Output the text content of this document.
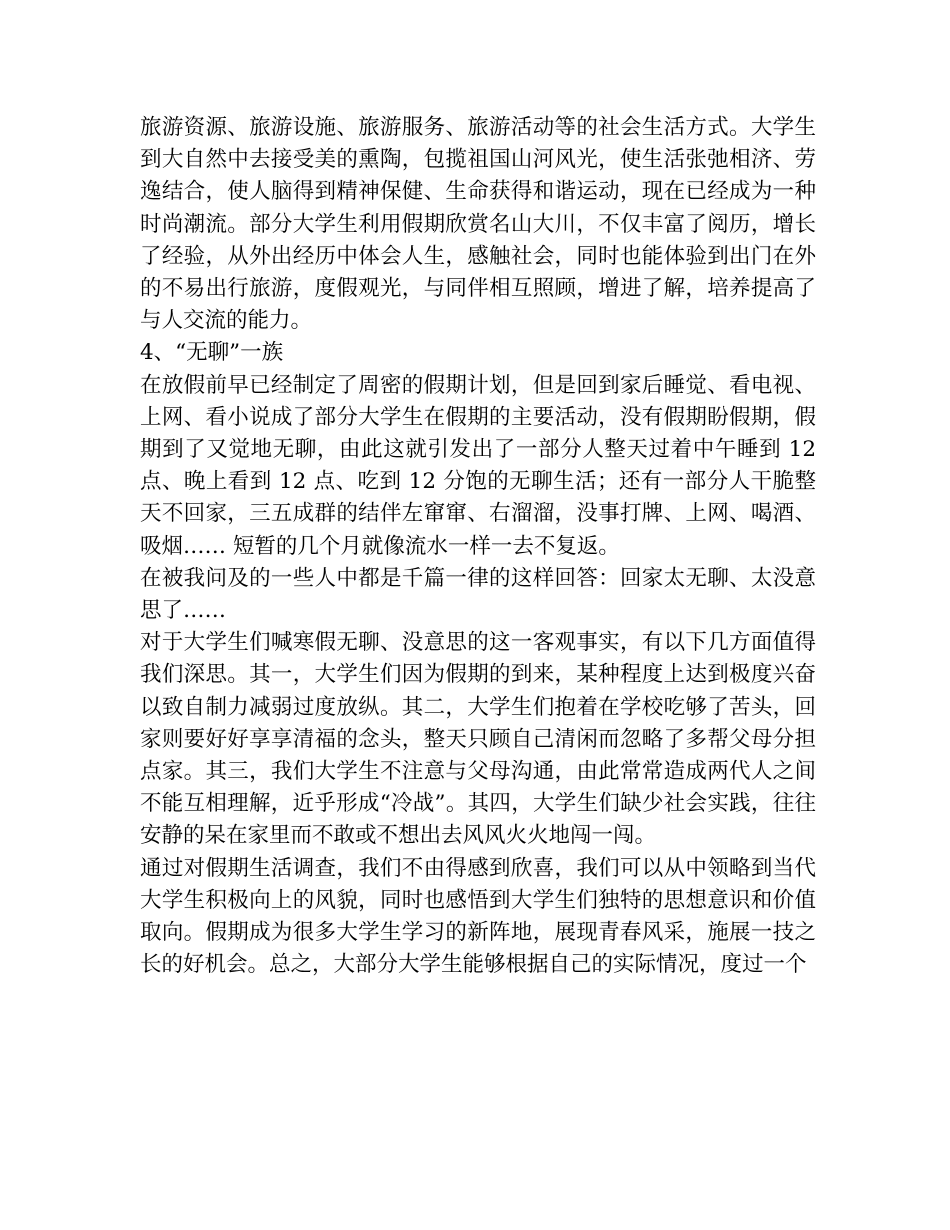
旅游资源、旅游设施、旅游服务、旅游活动等的社会生活方式。大学生到大自然中去接受美的熏陶，包揽祖国山河风光，使生活张弛相济、劳逸结合，使人脑得到精神保健、生命获得和谐运动，现在已经成为一种时尚潮流。部分大学生利用假期欣赏名山大川，不仅丰富了阅历，增长了经验，从外出经历中体会人生，感触社会，同时也能体验到出门在外的不易出行旅游，度假观光，与同伴相互照顾，增进了解，培养提高了与人交流的能力。

4、“无聊”一族

在放假前早已经制定了周密的假期计划，但是回到家后睡觉、看电视、上网、看小说成了部分大学生在假期的主要活动，没有假期盼假期，假期到了又觉地无聊，由此这就引发出了一部分人整天过着中午睡到 12 点、晚上看到 12 点、吃到 12 分饱的无聊生活；还有一部分人干脆整天不回家，三五成群的结伴左窜窜、右溜溜，没事打牌、上网、喝酒、吸烟…… 短暂的几个月就像流水一样一去不复返。

在被我问及的一些人中都是千篇一律的这样回答：回家太无聊、太没意思了……

对于大学生们喊寒假无聊、没意思的这一客观事实，有以下几方面值得我们深思。其一，大学生们因为假期的到来，某种程度上达到极度兴奋以致自制力减弱过度放纵。其二，大学生们抱着在学校吃够了苦头，回家则要好好享享清福的念头，整天只顾自己清闲而忽略了多帮父母分担点家。其三，我们大学生不注意与父母沟通，由此常常造成两代人之间不能互相理解，近乎形成“冷战”。其四，大学生们缺少社会实践，往往安静的呆在家里而不敢或不想出去风风火火地闯一闯。

通过对假期生活调查，我们不由得感到欣喜，我们可以从中领略到当代大学生积极向上的风貌，同时也感悟到大学生们独特的思想意识和价值取向。假期成为很多大学生学习的新阵地，展现青春风采，施展一技之长的好机会。总之，大部分大学生能够根据自己的实际情况，度过一个
